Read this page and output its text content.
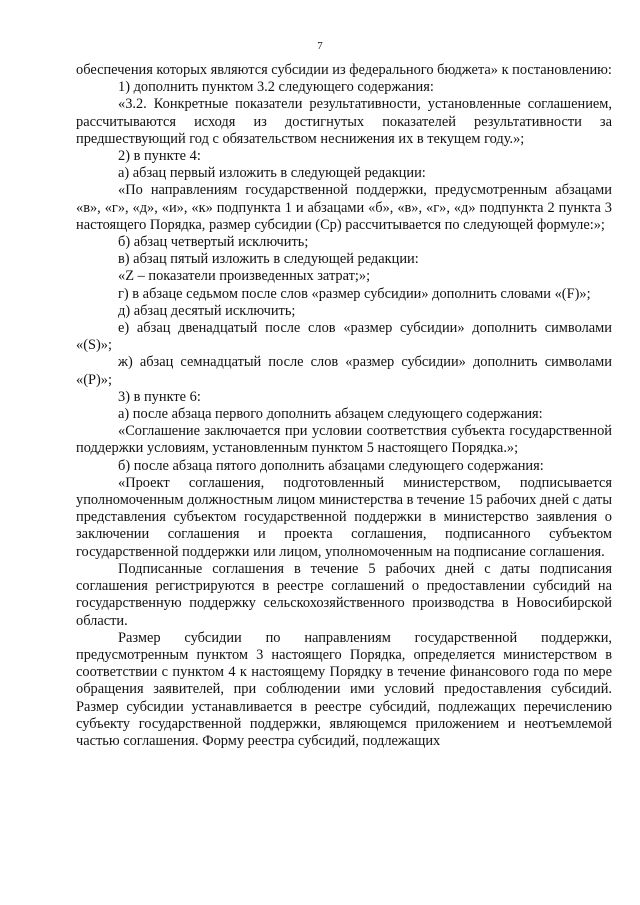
7

обеспечения которых являются субсидии из федерального бюджета» к постановлению:

1) дополнить пунктом 3.2 следующего содержания:

«3.2. Конкретные показатели результативности, установленные соглашением, рассчитываются исходя из достигнутых показателей результативности за предшествующий год с обязательством неснижения их в текущем году.»;

2) в пункте 4:

а) абзац первый изложить в следующей редакции:

«По направлениям государственной поддержки, предусмотренным абзацами «в», «г», «д», «и», «к» подпункта 1 и абзацами «б», «в», «г», «д» подпункта 2 пункта 3 настоящего Порядка, размер субсидии (Ср) рассчитывается по следующей формуле:»;

б) абзац четвертый исключить;

в) абзац пятый изложить в следующей редакции:

«Z – показатели произведенных затрат;»;

г) в абзаце седьмом после слов «размер субсидии» дополнить словами «(F)»;

д) абзац десятый исключить;

е) абзац двенадцатый после слов «размер субсидии» дополнить символами «(S)»;

ж) абзац семнадцатый после слов «размер субсидии» дополнить символами «(P)»;

3) в пункте 6:

а) после абзаца первого дополнить абзацем следующего содержания:

«Соглашение заключается при условии соответствия субъекта государственной поддержки условиям, установленным пунктом 5 настоящего Порядка.»;

б) после абзаца пятого дополнить абзацами следующего содержания:

«Проект соглашения, подготовленный министерством, подписывается уполномоченным должностным лицом министерства в течение 15 рабочих дней с даты представления субъектом государственной поддержки в министерство заявления о заключении соглашения и проекта соглашения, подписанного субъектом государственной поддержки или лицом, уполномоченным на подписание соглашения.

Подписанные соглашения в течение 5 рабочих дней с даты подписания соглашения регистрируются в реестре соглашений о предоставлении субсидий на государственную поддержку сельскохозяйственного производства в Новосибирской области.

Размер субсидии по направлениям государственной поддержки, предусмотренным пунктом 3 настоящего Порядка, определяется министерством в соответствии с пунктом 4 к настоящему Порядку в течение финансового года по мере обращения заявителей, при соблюдении ими условий предоставления субсидий. Размер субсидии устанавливается в реестре субсидий, подлежащих перечислению субъекту государственной поддержки, являющемся приложением и неотъемлемой частью соглашения. Форму реестра субсидий, подлежащих
